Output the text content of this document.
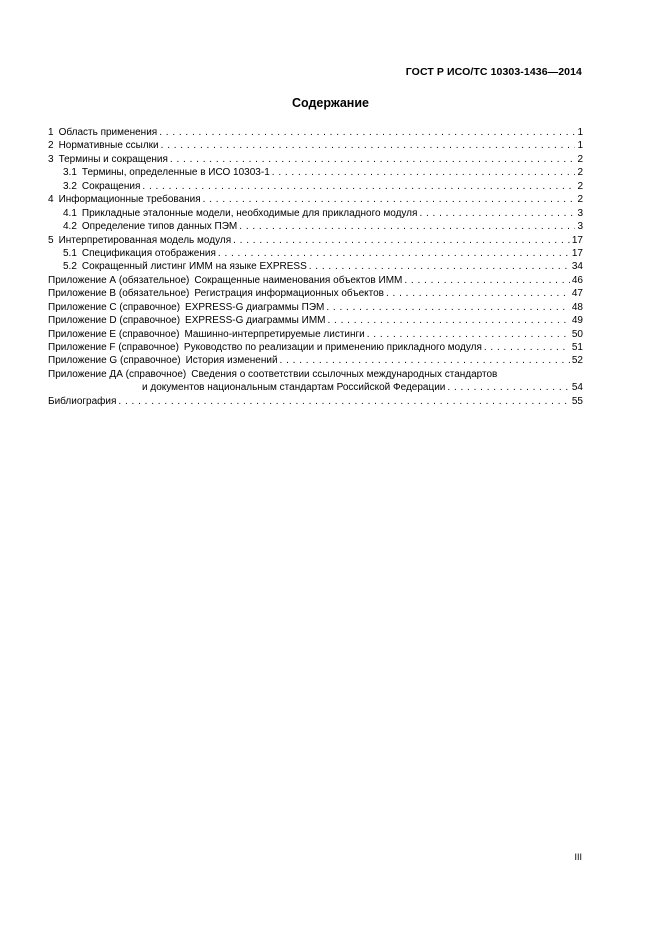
ГОСТ Р ИСО/ТС 10303-1436—2014
Содержание
1 Область применения . . .	1
2 Нормативные ссылки . . .	1
3 Термины и сокращения . . .	2
3.1 Термины, определенные в ИСО 10303-1 . . .	2
3.2 Сокращения . . .	2
4 Информационные требования . . .	2
4.1 Прикладные эталонные модели, необходимые для прикладного модуля . . .	3
4.2 Определение типов данных ПЭМ . . .	3
5 Интерпретированная модель модуля . . .	17
5.1 Спецификация отображения . . .	17
5.2 Сокращенный листинг ИММ на языке EXPRESS . . .	34
Приложение А (обязательное) Сокращенные наименования объектов ИММ . . .	46
Приложение В (обязательное) Регистрация информационных объектов . . .	47
Приложение С (справочное) EXPRESS-G диаграммы ПЭМ . . .	48
Приложение D (справочное) EXPRESS-G диаграммы ИММ . . .	49
Приложение Е (справочное) Машинно-интерпретируемые листинги . . .	50
Приложение F (справочное) Руководство по реализации и применению прикладного модуля . . .	51
Приложение G (справочное) История изменений . . .	52
Приложение ДА (справочное) Сведения о соответствии ссылочных международных стандартов
и документов национальным стандартам Российской Федерации . . .	54
Библиография . . .	55
III
